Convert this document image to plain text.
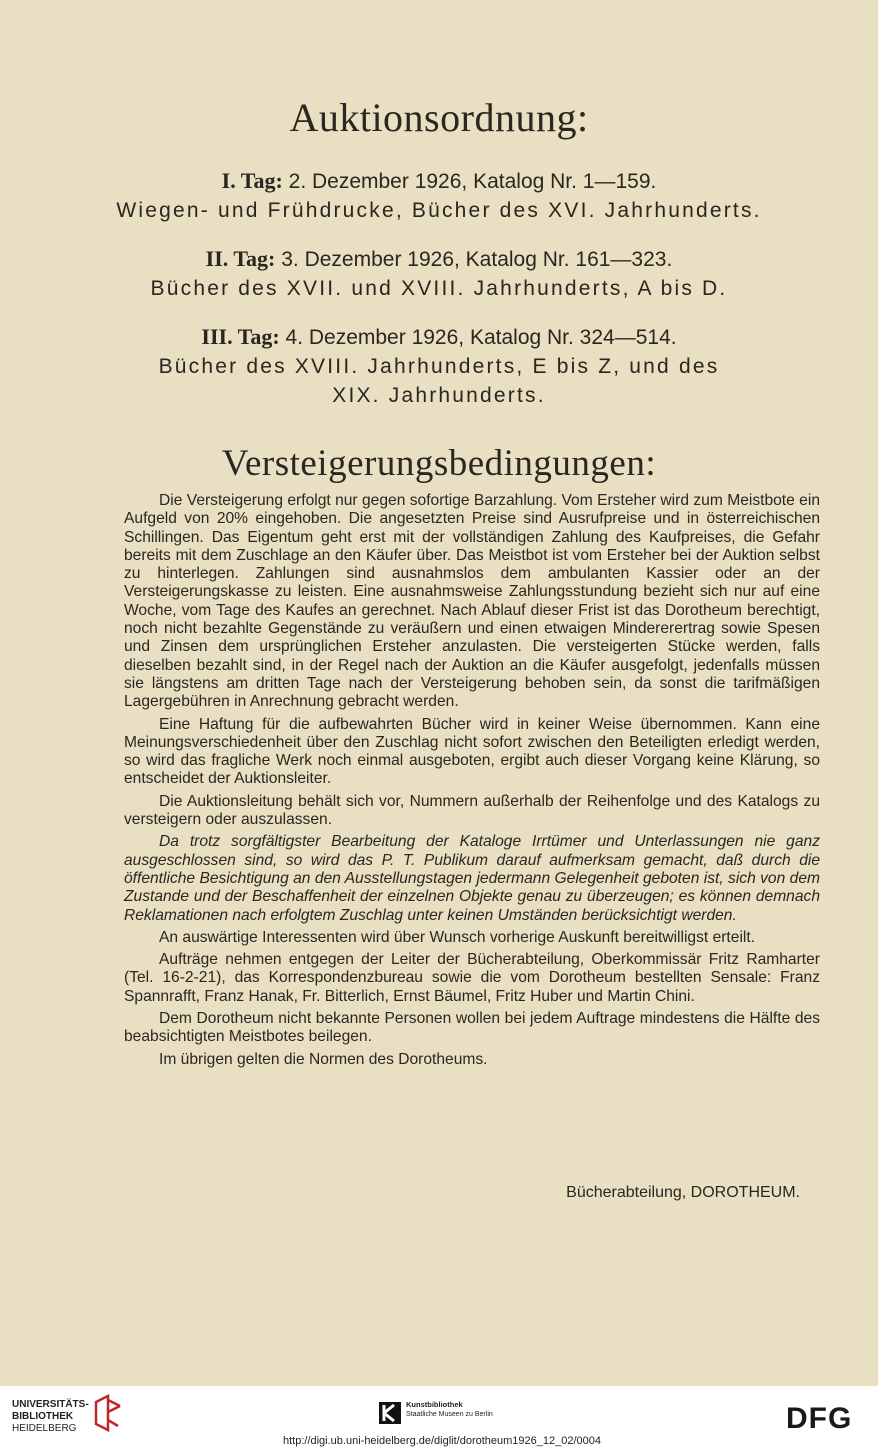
Auktionsordnung:
I. Tag: 2. Dezember 1926, Katalog Nr. 1—159.
Wiegen- und Frühdrucke, Bücher des XVI. Jahrhunderts.
II. Tag: 3. Dezember 1926, Katalog Nr. 161—323.
Bücher des XVII. und XVIII. Jahrhunderts, A bis D.
III. Tag: 4. Dezember 1926, Katalog Nr. 324—514.
Bücher des XVIII. Jahrhunderts, E bis Z, und des
XIX. Jahrhunderts.
Versteigerungsbedingungen:

Die Versteigerung erfolgt nur gegen sofortige Barzahlung. Vom Ersteher wird zum Meistbote ein Aufgeld von 20% eingehoben. Die angesetzten Preise sind Ausrufpreise und in österreichischen Schillingen. Das Eigentum geht erst mit der vollständigen Zahlung des Kaufpreises, die Gefahr bereits mit dem Zuschlage an den Käufer über. Das Meistbot ist vom Ersteher bei der Auktion selbst zu hinterlegen. Zahlungen sind ausnahmslos dem ambulanten Kassier oder an der Versteigerungskasse zu leisten. Eine ausnahmsweise Zahlungsstundung bezieht sich nur auf eine Woche, vom Tage des Kaufes an gerechnet. Nach Ablauf dieser Frist ist das Dorotheum berechtigt, noch nicht bezahlte Gegenstände zu veräußern und einen etwaigen Mindererertrag sowie Spesen und Zinsen dem ursprünglichen Ersteher anzulasten. Die versteigerten Stücke werden, falls dieselben bezahlt sind, in der Regel nach der Auktion an die Käufer ausgefolgt, jedenfalls müssen sie längstens am dritten Tage nach der Versteigerung behoben sein, da sonst die tarifmäßigen Lagergebühren in Anrechnung gebracht werden.

Eine Haftung für die aufbewahrten Bücher wird in keiner Weise übernommen. Kann eine Meinungsverschiedenheit über den Zuschlag nicht sofort zwischen den Beteiligten erledigt werden, so wird das fragliche Werk noch einmal ausgeboten, ergibt auch dieser Vorgang keine Klärung, so entscheidet der Auktionsleiter.

Die Auktionsleitung behält sich vor, Nummern außerhalb der Reihenfolge und des Katalogs zu versteigern oder auszulassen.

Da trotz sorgfältigster Bearbeitung der Kataloge Irrtümer und Unterlassungen nie ganz ausgeschlossen sind, so wird das P. T. Publikum darauf aufmerksam gemacht, daß durch die öffentliche Besichtigung an den Ausstellungstagen jedermann Gelegenheit geboten ist, sich von dem Zustande und der Beschaffenheit der einzelnen Objekte genau zu überzeugen; es können demnach Reklamationen nach erfolgtem Zuschlag unter keinen Umständen berücksichtigt werden.

An auswärtige Interessenten wird über Wunsch vorherige Auskunft bereitwilligst erteilt.

Aufträge nehmen entgegen der Leiter der Bücherabteilung, Oberkommissär Fritz Ramharter (Tel. 16-2-21), das Korrespondenzbureau sowie die vom Dorotheum bestellten Sensale: Franz Spannrafft, Franz Hanak, Fr. Bitterlich, Ernst Bäumel, Fritz Huber und Martin Chini.

Dem Dorotheum nicht bekannte Personen wollen bei jedem Auftrage mindestens die Hälfte des beabsichtigten Meistbotes beilegen.

Im übrigen gelten die Normen des Dorotheums.

Bücherabteilung, DOROTHEUM.
UNIVERSITÄTS-
BIBLIOTHEK
HEIDELBERG
Kunstbibliothek
Staatliche Museen zu Berlin	DFG
http://digi.ub.uni-heidelberg.de/diglit/dorotheum1926_12_02/0004
